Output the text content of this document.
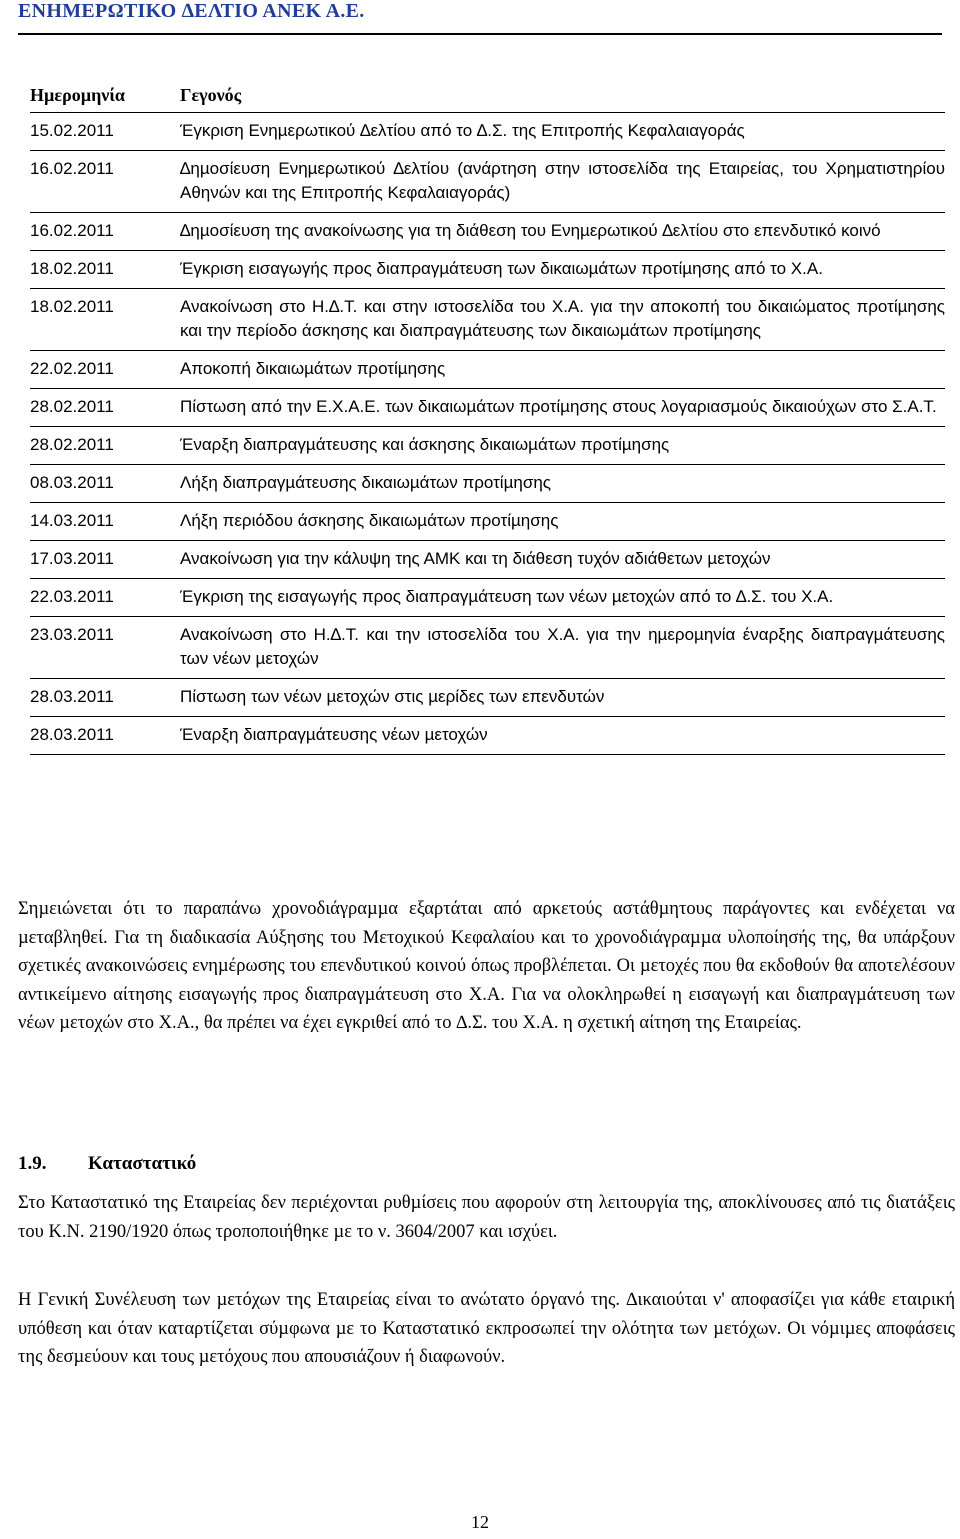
ΕΝΗΜΕΡΩΤΙΚΟ ∆ΕΛΤΙΟ ΑΝΕΚ Α.Ε.
Ηµεροµηνία	Γεγονός
15.02.2011	Έγκριση Ενηµερωτικού ∆ελτίου από το ∆.Σ. της Επιτροπής Κεφαλαιαγοράς
16.02.2011	∆ηµοσίευση Ενηµερωτικού ∆ελτίου (ανάρτηση στην ιστοσελίδα της Εταιρείας, του Χρηµατιστηρίου Αθηνών και της Επιτροπής Κεφαλαιαγοράς)
16.02.2011	∆ηµοσίευση της ανακοίνωσης για τη διάθεση του Ενηµερωτικού ∆ελτίου στο επενδυτικό κοινό
18.02.2011	Έγκριση εισαγωγής προς διαπραγµάτευση των δικαιωµάτων προτίµησης από το Χ.Α.
18.02.2011	Ανακοίνωση στο Η.∆.Τ. και στην ιστοσελίδα του Χ.Α. για την αποκοπή του δικαιώµατος προτίµησης και την περίοδο άσκησης και διαπραγµάτευσης των δικαιωµάτων προτίµησης
22.02.2011	Αποκοπή δικαιωµάτων προτίµησης
28.02.2011	Πίστωση από την Ε.Χ.Α.Ε. των δικαιωµάτων προτίµησης στους λογαριασµούς δικαιούχων στο Σ.Α.Τ.
28.02.2011	Έναρξη διαπραγµάτευσης και άσκησης δικαιωµάτων προτίµησης
08.03.2011	Λήξη διαπραγµάτευσης δικαιωµάτων προτίµησης
14.03.2011	Λήξη περιόδου άσκησης δικαιωµάτων προτίµησης
17.03.2011	Ανακοίνωση για την κάλυψη της ΑΜΚ και τη διάθεση τυχόν αδιάθετων µετοχών
22.03.2011	Έγκριση της εισαγωγής προς διαπραγµάτευση των νέων µετοχών από το ∆.Σ. του Χ.Α.
23.03.2011	Ανακοίνωση στο Η.∆.Τ. και την ιστοσελίδα του Χ.Α. για την ηµεροµηνία έναρξης διαπραγµάτευσης των νέων µετοχών
28.03.2011	Πίστωση των νέων µετοχών στις µερίδες των επενδυτών
28.03.2011	Έναρξη διαπραγµάτευσης νέων µετοχών

Σηµειώνεται ότι το παραπάνω χρονοδιάγραµµα εξαρτάται από αρκετούς αστάθµητους παράγοντες και ενδέχεται να µεταβληθεί. Για τη διαδικασία Αύξησης του Μετοχικού Κεφαλαίου και το χρονοδιάγραµµα υλοποίησής της, θα υπάρξουν σχετικές ανακοινώσεις ενηµέρωσης του επενδυτικού κοινού όπως προβλέπεται. Οι µετοχές που θα εκδοθούν θα αποτελέσουν αντικείµενο αίτησης εισαγωγής προς διαπραγµάτευση στο Χ.Α. Για να ολοκληρωθεί η εισαγωγή και διαπραγµάτευση των νέων µετοχών στο Χ.Α., θα πρέπει να έχει εγκριθεί από το ∆.Σ. του Χ.Α. η σχετική αίτηση της Εταιρείας.

1.9. Καταστατικό

Στο Καταστατικό της Εταιρείας δεν περιέχονται ρυθµίσεις που αφορούν στη λειτουργία της, αποκλίνουσες από τις διατάξεις του Κ.Ν. 2190/1920 όπως τροποποιήθηκε µε το ν. 3604/2007 και ισχύει.

Η Γενική Συνέλευση των µετόχων της Εταιρείας είναι το ανώτατο όργανό της. ∆ικαιούται ν' αποφασίζει για κάθε εταιρική υπόθεση και όταν καταρτίζεται σύµφωνα µε το Καταστατικό εκπροσωπεί την ολότητα των µετόχων. Οι νόµιµες αποφάσεις της δεσµεύουν και τους µετόχους που απουσιάζουν ή διαφωνούν.

12
